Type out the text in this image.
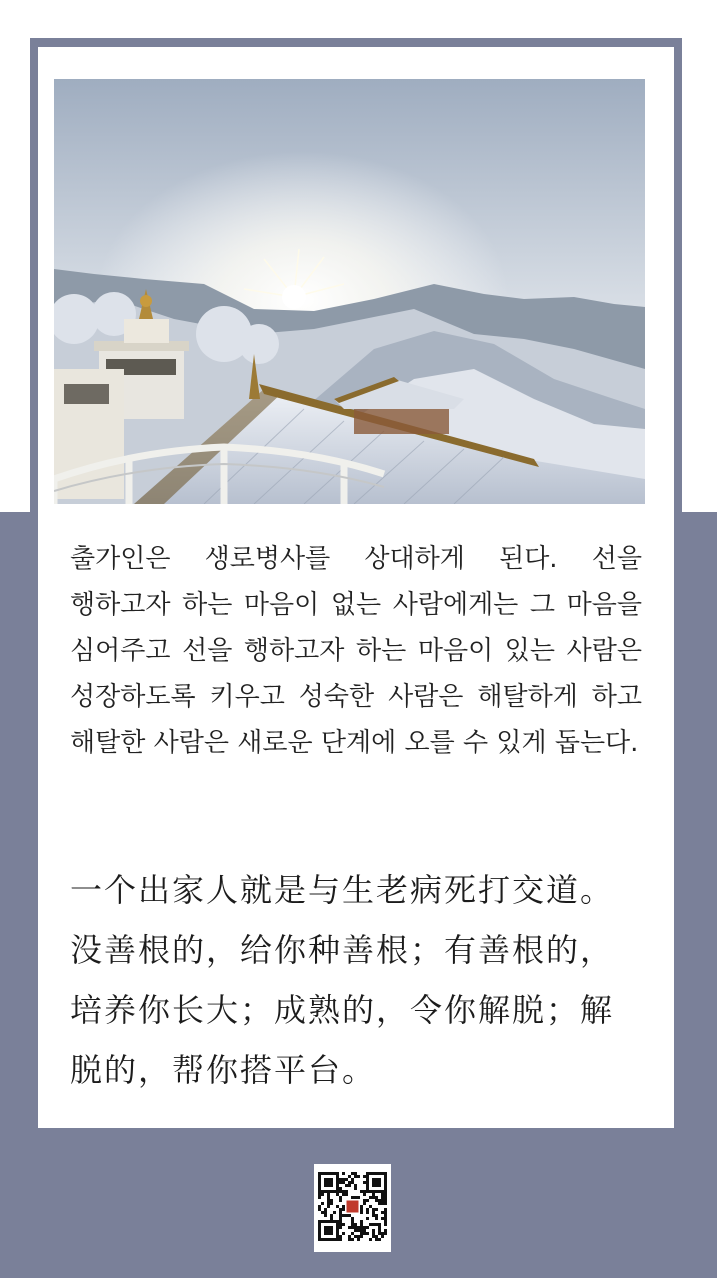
출가인은 생로병사를 상대하게 된다. 선을 행하고자 하는 마음이 없는 사람에게는 그 마음을 심어주고 선을 행하고자 하는 마음이 있는 사람은 성장하도록 키우고 성숙한 사람은 해탈하게 하고 해탈한 사람은 새로운 단계에 오를 수 있게 돕는다.

一个出家人就是与生老病死打交道。没善根的，给你种善根；有善根的，培养你长大；成熟的，令你解脱；解脱的，帮你搭平台。
